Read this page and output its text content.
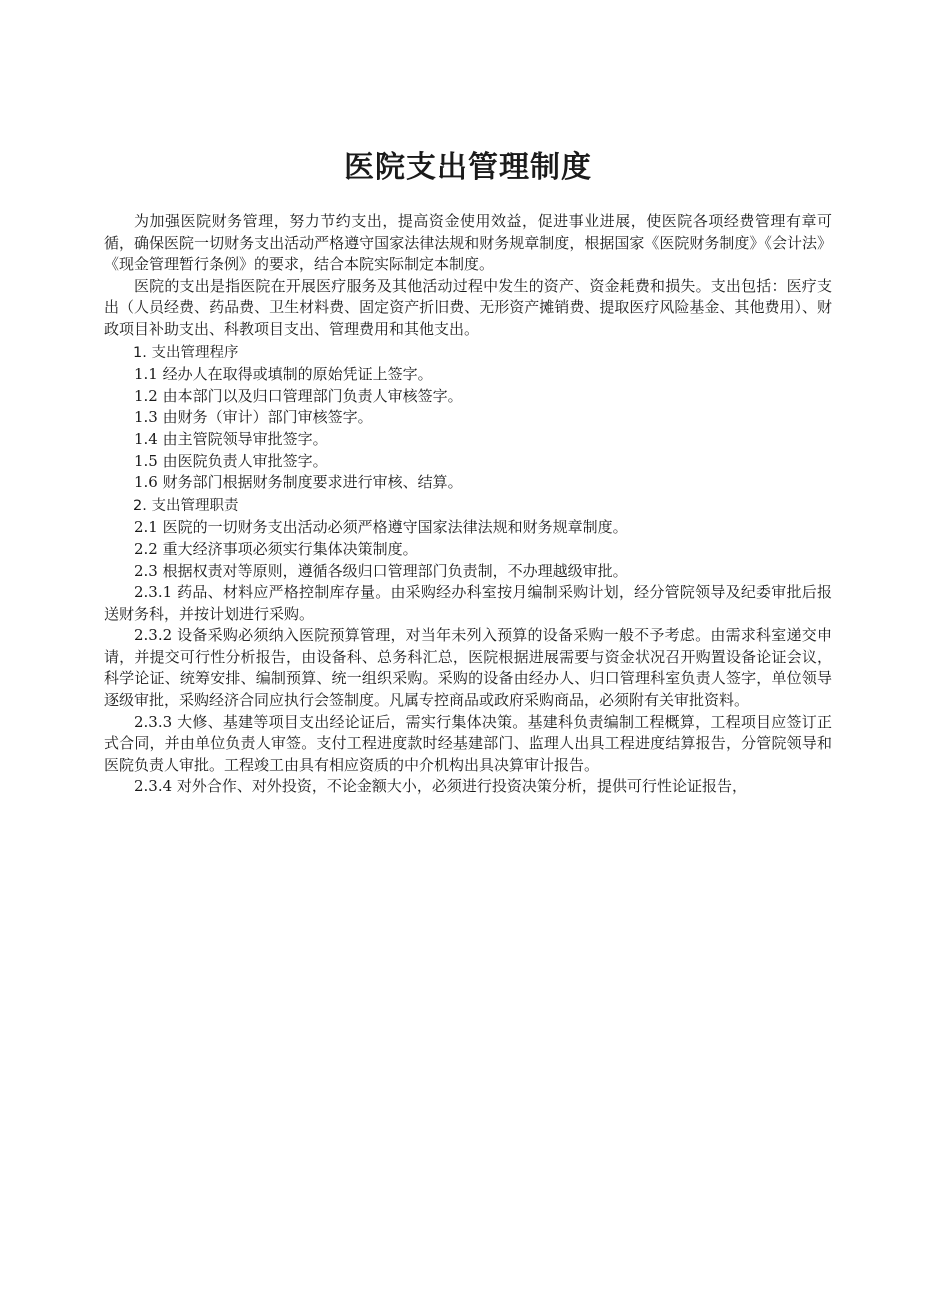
医院支出管理制度

为加强医院财务管理，努力节约支出，提高资金使用效益，促进事业进展，使医院各项经费管理有章可循，确保医院一切财务支出活动严格遵守国家法律法规和财务规章制度，根据国家《医院财务制度》《会计法》《现金管理暂行条例》的要求，结合本院实际制定本制度。

医院的支出是指医院在开展医疗服务及其他活动过程中发生的资产、资金耗费和损失。支出包括：医疗支出（人员经费、药品费、卫生材料费、固定资产折旧费、无形资产摊销费、提取医疗风险基金、其他费用）、财政项目补助支出、科教项目支出、管理费用和其他支出。

1. 支出管理程序

1.1 经办人在取得或填制的原始凭证上签字。

1.2 由本部门以及归口管理部门负责人审核签字。

1.3 由财务（审计）部门审核签字。

1.4 由主管院领导审批签字。

1.5 由医院负责人审批签字。

1.6 财务部门根据财务制度要求进行审核、结算。

2. 支出管理职责

2.1 医院的一切财务支出活动必须严格遵守国家法律法规和财务规章制度。

2.2 重大经济事项必须实行集体决策制度。

2.3 根据权责对等原则，遵循各级归口管理部门负责制，不办理越级审批。

2.3.1 药品、材料应严格控制库存量。由采购经办科室按月编制采购计划，经分管院领导及纪委审批后报送财务科，并按计划进行采购。

2.3.2 设备采购必须纳入医院预算管理，对当年未列入预算的设备采购一般不予考虑。由需求科室递交申请，并提交可行性分析报告，由设备科、总务科汇总，医院根据进展需要与资金状况召开购置设备论证会议，科学论证、统筹安排、编制预算、统一组织采购。采购的设备由经办人、归口管理科室负责人签字，单位领导逐级审批，采购经济合同应执行会签制度。凡属专控商品或政府采购商品，必须附有关审批资料。

2.3.3 大修、基建等项目支出经论证后，需实行集体决策。基建科负责编制工程概算，工程项目应签订正式合同，并由单位负责人审签。支付工程进度款时经基建部门、监理人出具工程进度结算报告，分管院领导和医院负责人审批。工程竣工由具有相应资质的中介机构出具决算审计报告。

2.3.4 对外合作、对外投资，不论金额大小，必须进行投资决策分析，提供可行性论证报告，
